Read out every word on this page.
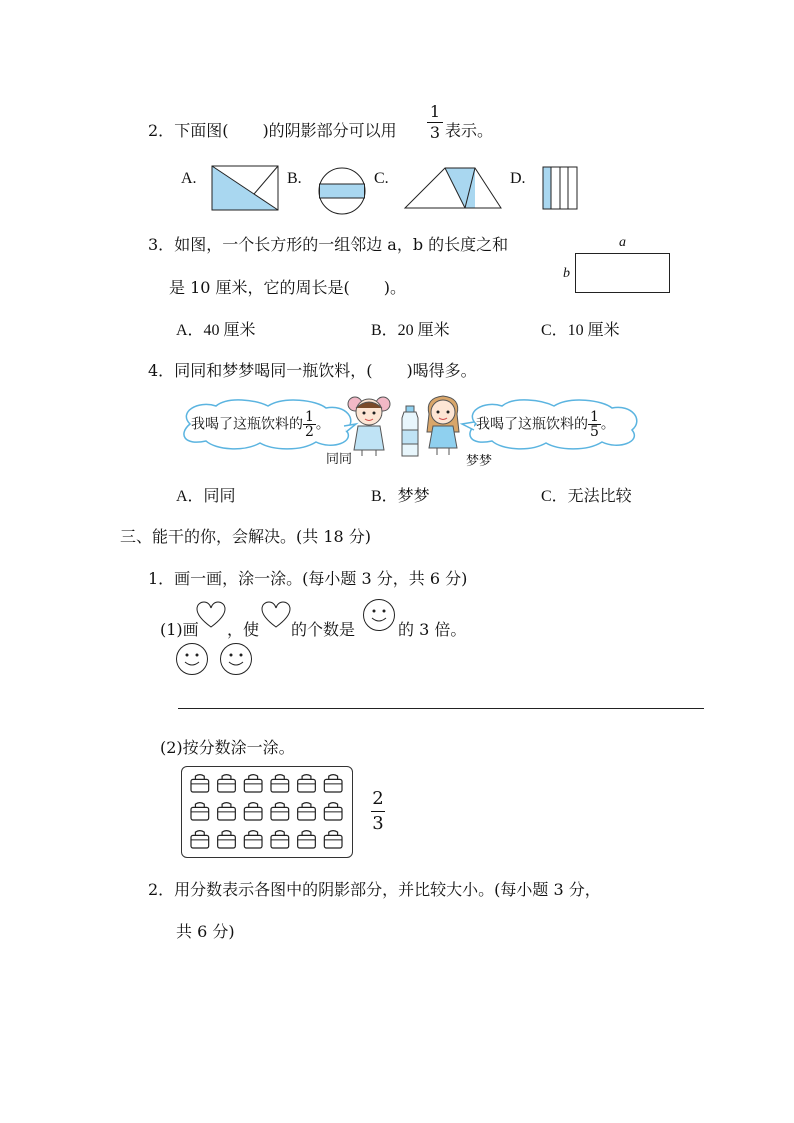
2．下面图( )的阴影部分可以用
1
3 表示。
A.	B.	C.	D.
3．如图，一个长方形的一组邻边 a，b 的长度之和
是 10 厘米，它的周长是( )。
a
b
A．40 厘米	B．20 厘米	C．10 厘米
4．同同和梦梦喝同一瓶饮料，( )喝得多。
我喝了这瓶饮料的 $\frac{1}{2}$ 。	我喝了这瓶饮料的 $\frac{1}{5}$ 。
同同	梦梦
A．同同	B．梦梦	C．无法比较
三、能干的你，会解决。(共 18 分)
1．画一画，涂一涂。(每小题 3 分，共 6 分)
(1)画 ，使 的个数是	的 3 倍。
(2)按分数涂一涂。
2
3
2．用分数表示各图中的阴影部分，并比较大小。(每小题 3 分，
共 6 分)
